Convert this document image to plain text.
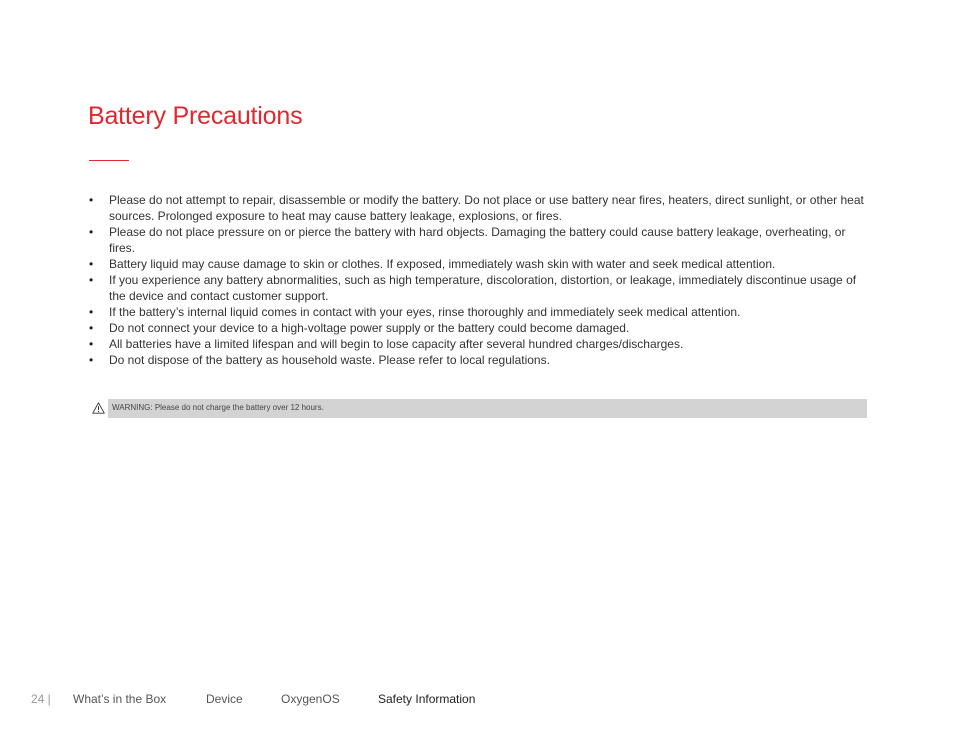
Battery Precautions
• Please do not attempt to repair, disassemble or modify the battery. Do not place or use battery near fires, heaters, direct sunlight, or other heat sources. Prolonged exposure to heat may cause battery leakage, explosions, or fires.
• Please do not place pressure on or pierce the battery with hard objects. Damaging the battery could cause battery leakage, overheating, or fires.
• Battery liquid may cause damage to skin or clothes. If exposed, immediately wash skin with water and seek medical attention.
• If you experience any battery abnormalities, such as high temperature, discoloration, distortion, or leakage, immediately discontinue usage of the device and contact customer support.
• If the battery’s internal liquid comes in contact with your eyes, rinse thoroughly and immediately seek medical attention.
• Do not connect your device to a high-voltage power supply or the battery could become damaged.
• All batteries have a limited lifespan and will begin to lose capacity after several hundred charges/discharges.
• Do not dispose of the battery as household waste. Please refer to local regulations.
WARNING: Please do not charge the battery over 12 hours.
24 | What’s in the Box	Device	OxygenOS	Safety Information
